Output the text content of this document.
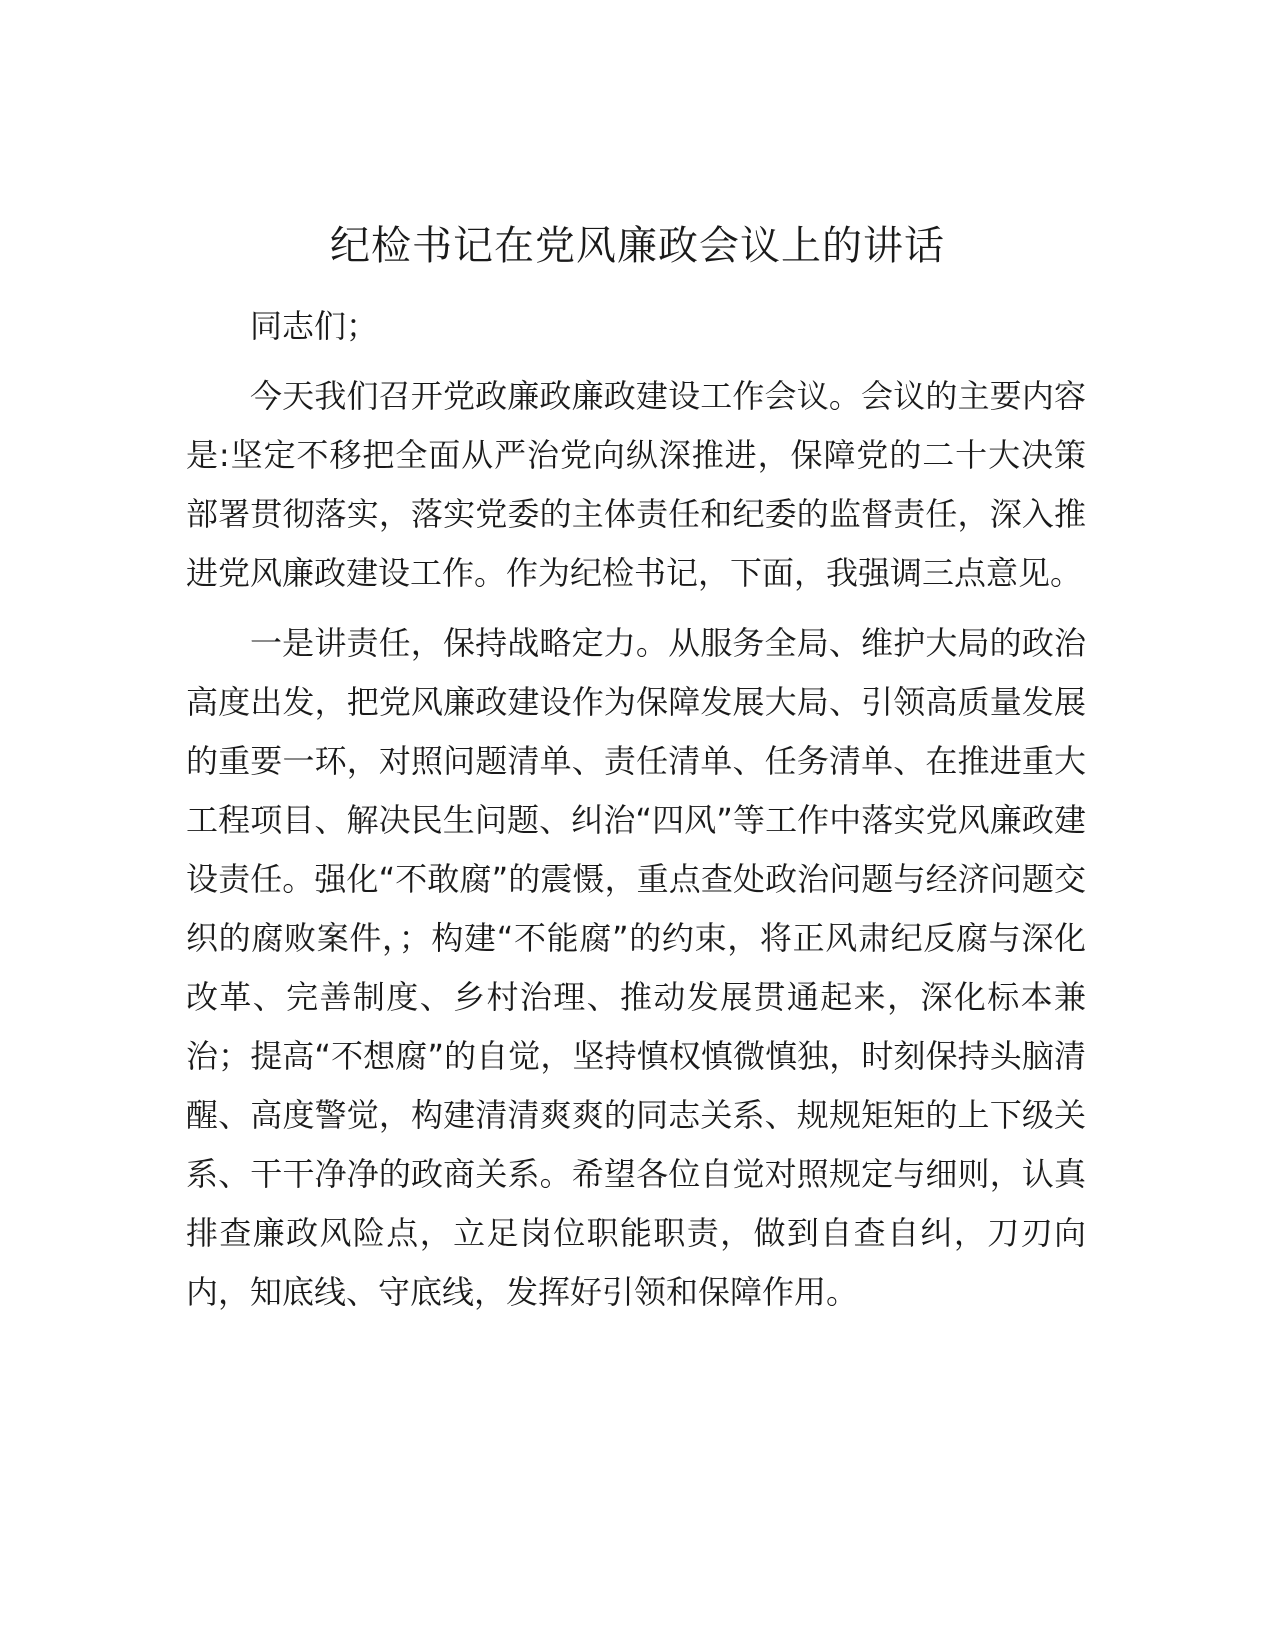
纪检书记在党风廉政会议上的讲话

同志们；

今天我们召开党政廉政廉政建设工作会议。会议的主要内容是:坚定不移把全面从严治党向纵深推进，保障党的二十大决策部署贯彻落实，落实党委的主体责任和纪委的监督责任，深入推进党风廉政建设工作。作为纪检书记，下面，我强调三点意见。

一是讲责任，保持战略定力。从服务全局、维护大局的政治高度出发，把党风廉政建设作为保障发展大局、引领高质量发展的重要一环，对照问题清单、责任清单、任务清单、在推进重大工程项目、解决民生问题、纠治“四风”等工作中落实党风廉政建设责任。强化“不敢腐”的震慑，重点查处政治问题与经济问题交织的腐败案件，；构建“不能腐”的约束，将正风肃纪反腐与深化改革、完善制度、乡村治理、推动发展贯通起来，深化标本兼治；提高“不想腐”的自觉，坚持慎权慎微慎独，时刻保持头脑清醒、高度警觉，构建清清爽爽的同志关系、规规矩矩的上下级关系、干干净净的政商关系。希望各位自觉对照规定与细则，认真排查廉政风险点，立足岗位职能职责，做到自查自纠，刀刃向内，知底线、守底线，发挥好引领和保障作用。
